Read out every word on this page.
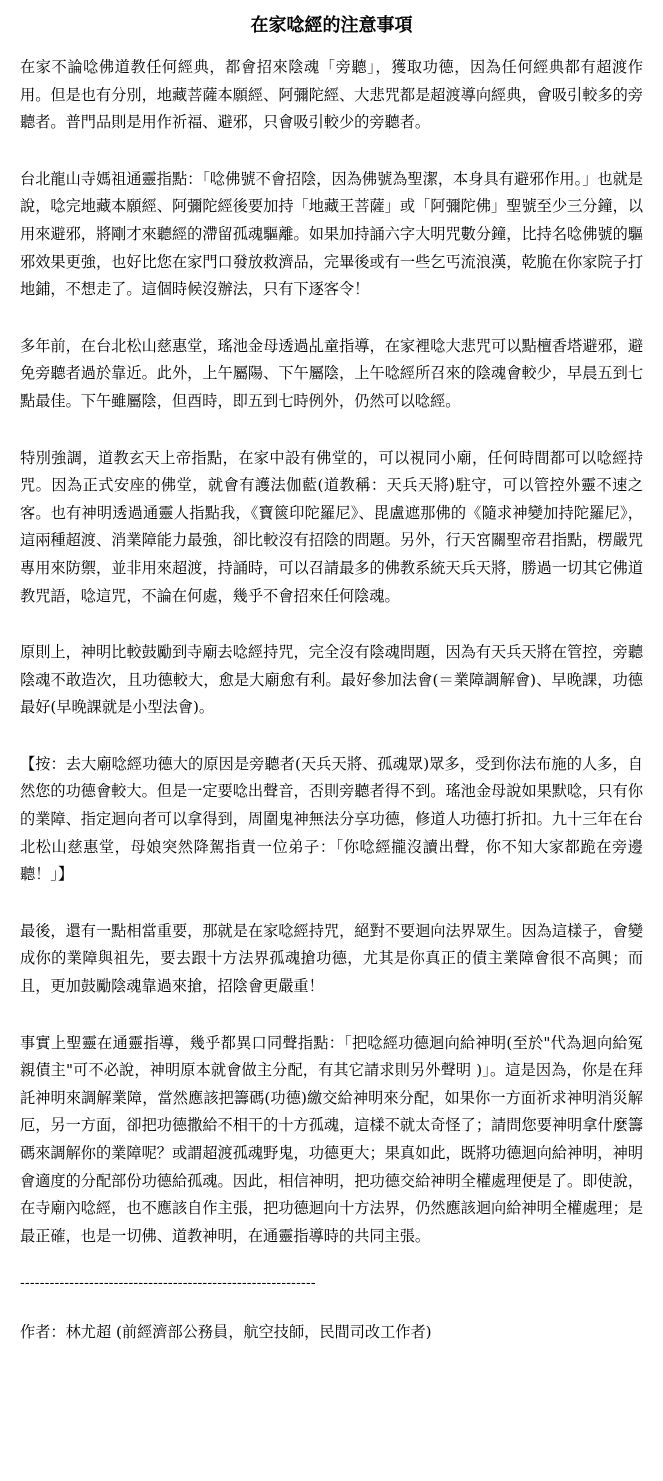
在家唸經的注意事項

在家不論唸佛道教任何經典，都會招來陰魂「旁聽」，獲取功德，因為任何經典都有超渡作用。但是也有分別，地藏菩薩本願經、阿彌陀經、大悲咒都是超渡導向經典，會吸引較多的旁聽者。普門品則是用作祈福、避邪，只會吸引較少的旁聽者。

台北龍山寺媽祖通靈指點：「唸佛號不會招陰，因為佛號為聖潔，本身具有避邪作用。」也就是說，唸完地藏本願經、阿彌陀經後要加持「地藏王菩薩」或「阿彌陀佛」聖號至少三分鐘，以用來避邪，將剛才來聽經的滯留孤魂驅離。如果加持誦六字大明咒數分鐘，比持名唸佛號的驅邪效果更強，也好比您在家門口發放救濟品，完畢後或有一些乞丐流浪漢，乾脆在你家院子打地鋪，不想走了。這個時候沒辦法，只有下逐客令！

多年前，在台北松山慈惠堂，瑤池金母透過乩童指導，在家裡唸大悲咒可以點檀香塔避邪，避免旁聽者過於靠近。此外，上午屬陽、下午屬陰，上午唸經所召來的陰魂會較少，早晨五到七點最佳。下午雖屬陰，但酉時，即五到七時例外，仍然可以唸經。

特別強調，道教玄天上帝指點，在家中設有佛堂的，可以視同小廟，任何時間都可以唸經持咒。因為正式安座的佛堂，就會有護法伽藍(道教稱：天兵天將)駐守，可以管控外靈不速之客。也有神明透過通靈人指點我，《寶篋印陀羅尼》、毘盧遮那佛的《隨求神變加持陀羅尼》，這兩種超渡、消業障能力最強，卻比較沒有招陰的問題。另外，行天宮關聖帝君指點，楞嚴咒專用來防禦，並非用來超渡，持誦時，可以召請最多的佛教系統天兵天將，勝過一切其它佛道教咒語，唸這咒，不論在何處，幾乎不會招來任何陰魂。

原則上，神明比較鼓勵到寺廟去唸經持咒，完全沒有陰魂問題，因為有天兵天將在管控，旁聽陰魂不敢造次，且功德較大，愈是大廟愈有利。最好參加法會(＝業障調解會)、早晚課，功德最好(早晚課就是小型法會)。

【按：去大廟唸經功德大的原因是旁聽者(天兵天將、孤魂眾)眾多，受到你法布施的人多，自然您的功德會較大。但是一定要唸出聲音，否則旁聽者得不到。瑤池金母說如果默唸，只有你的業障、指定迴向者可以拿得到，周圍鬼神無法分享功德，修道人功德打折扣。九十三年在台北松山慈惠堂，母娘突然降駕指責一位弟子：「你唸經攏沒讀出聲，你不知大家都跪在旁邊聽！」】

最後，還有一點相當重要，那就是在家唸經持咒，絕對不要迴向法界眾生。因為這樣子，會變成你的業障與祖先，要去跟十方法界孤魂搶功德，尤其是你真正的債主業障會很不高興；而且，更加鼓勵陰魂靠過來搶，招陰會更嚴重！

事實上聖靈在通靈指導，幾乎都異口同聲指點：「把唸經功德迴向給神明(至於"代為迴向給冤親債主"可不必說，神明原本就會做主分配，有其它請求則另外聲明 )」。這是因為，你是在拜託神明來調解業障，當然應該把籌碼(功德)繳交給神明來分配，如果你一方面祈求神明消災解厄，另一方面，卻把功德撒給不相干的十方孤魂，這樣不就太奇怪了；請問您要神明拿什麼籌碼來調解你的業障呢？或謂超渡孤魂野鬼，功德更大；果真如此，既將功德迴向給神明，神明會適度的分配部份功德給孤魂。因此，相信神明，把功德交給神明全權處理便是了。即使說，在寺廟內唸經，也不應該自作主張，把功德迴向十方法界，仍然應該迴向給神明全權處理；是最正確，也是一切佛、道教神明，在通靈指導時的共同主張。

------------------------------------------------------------
作者：林尤超 (前經濟部公務員，航空技師，民間司改工作者)
